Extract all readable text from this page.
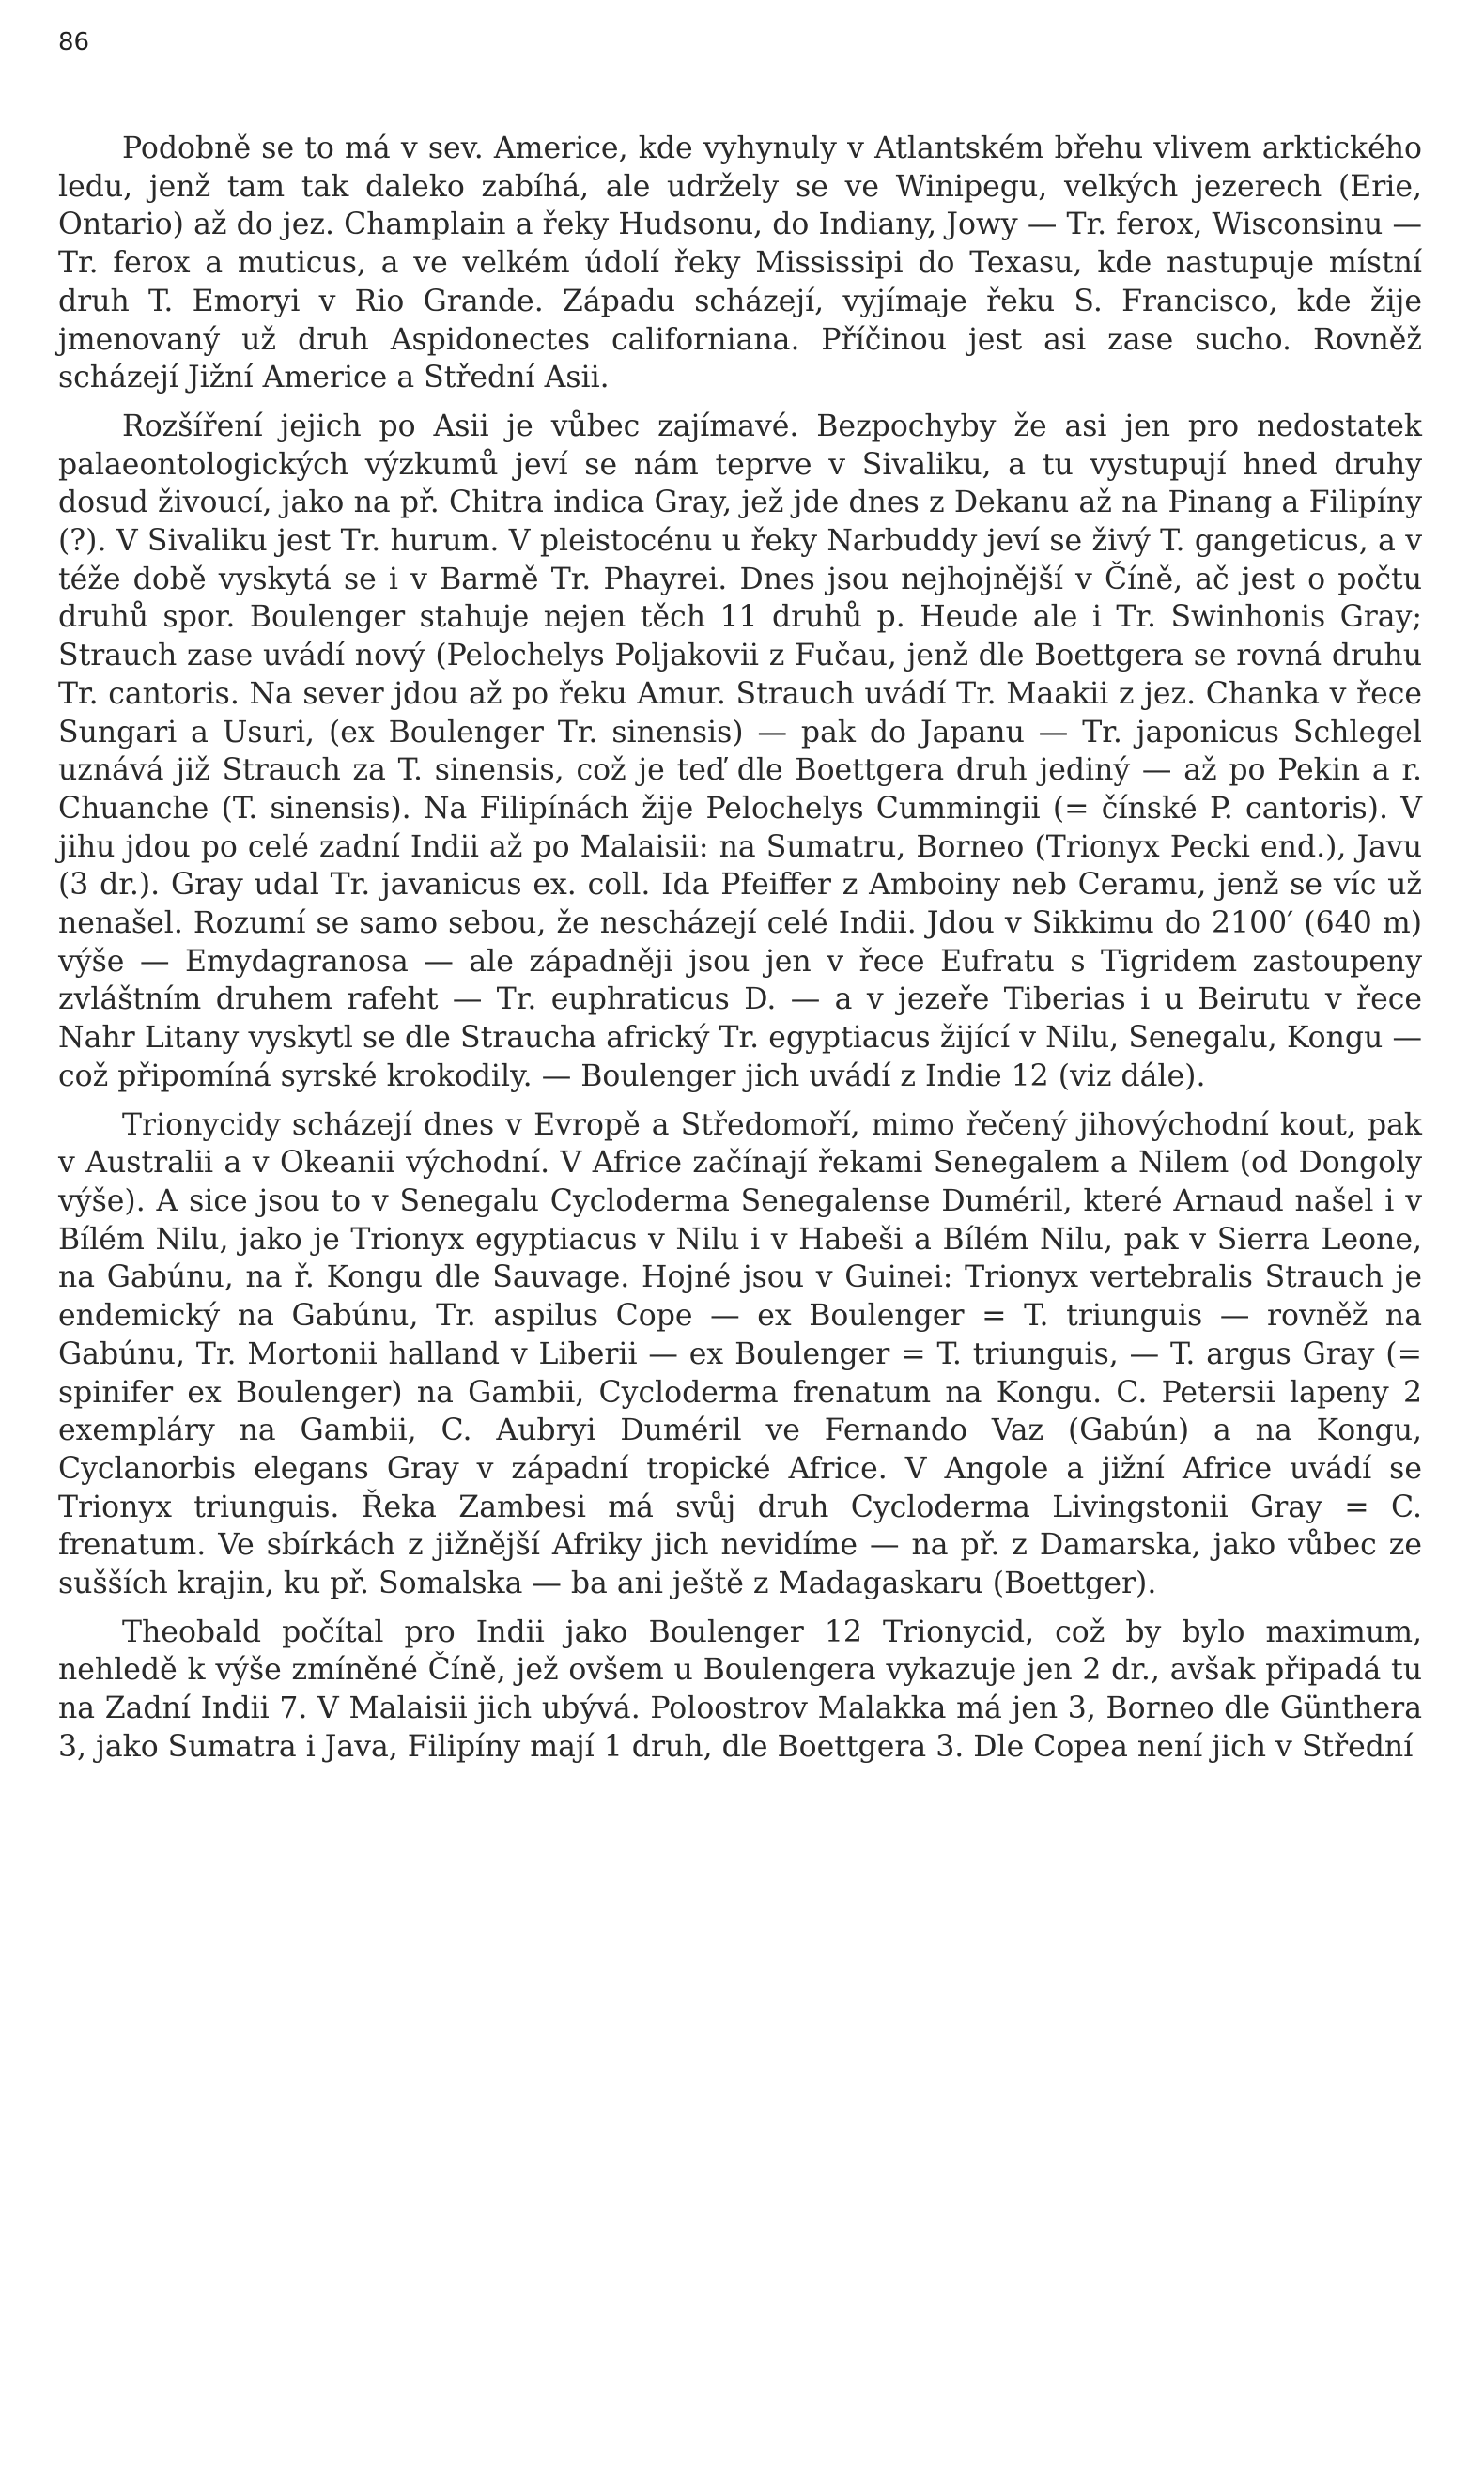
86

Podobně se to má v sev. Americe, kde vyhynuly v Atlantském břehu vlivem arktického ledu, jenž tam tak daleko zabíhá, ale udrželу se ve Winipegu, velkých jezerech (Erie, Ontario) až do jez. Champlain a řeky Hudsonu, do Indiany, Jowy — Tr. ferox, Wisconsinu — Tr. ferox a muticus, a ve velkém údolí řeky Mississipi do Texasu, kde nastupuje místní druh T. Emoryi v Rio Grande. Západu scházejí, vyjímaje řeku S. Francisco, kde žije jmenovaný už druh Aspidonectes californiana. Příčinou jest asi zase sucho. Rovněž scházejí Jižní Americe a Střední Asii.

Rozšíření jejich po Asii je vůbec zajímavé. Bezpochyby že asi jen pro nedostatek palaeontologických výzkumů jeví se nám teprve v Sivaliku, a tu vystupují hned druhy dosud živoucí, jako na př. Chitra indica Gray, jež jde dnes z Dekanu až na Pinang a Filipíny (?). V Sivaliku jest Tr. hurum. V pleistocénu u řeky Narbuddy jeví se živý T. gangeticus, a v téže době vyskytá se i v Barmě Tr. Phayrei. Dnes jsou nejhojnější v Číně, ač jest o počtu druhů spor. Boulenger stahuje nejen těch 11 druhů p. Heude ale i Tr. Swinhonis Gray; Strauch zase uvádí nový (Pelochelys Poljakovii z Fučau, jenž dle Boettgera se rovná druhu Tr. cantoris. Na sever jdou až po řeku Amur. Strauch uvádí Tr. Maakii z jez. Chanka v řece Sungari a Usuri, (ex Boulenger Tr. sinensis) — pak do Japanu — Tr. japonicus Schlegel uznává již Strauch za T. sinensis, což je teď dle Boettgera druh jediný — až po Pekin a r. Chuanche (T. sinensis). Na Filipínách žije Pelochelys Cummingii (= čínské P. cantoris). V jihu jdou po celé zadní Indii až po Malaisii: na Sumatru, Borneo (Trionyx Pecki end.), Javu (3 dr.). Gray udal Tr. javanicus ex. coll. Ida Pfeiffer z Amboiny neb Ceramu, jenž se víc už nenašel. Rozumí se samo sebou, že nescházejí celé Indii. Jdou v Sikkimu do 2100′ (640 m) výše — Emydagranosa — ale západněji jsou jen v řece Eufratu s Tigridem zastoupeny zvláštním druhem rafeht — Tr. euphraticus D. — a v jezeře Tiberias i u Beirutu v řece Nahr Litany vyskytl se dle Straucha africký Tr. egyptiacus žijící v Nilu, Senegalu, Kongu — což připomíná syrské krokodily. — Boulenger jich uvádí z Indie 12 (viz dále).

Trionycidy scházejí dnes v Evropě a Středomoří, mimo řečený jihovýchodní kout, pak v Australii a v Okeanii východní. V Africe začínají řekami Senegalem a Nilem (od Dongoly výše). A sice jsou to v Senegalu Cycloderma Senegalense Duméril, které Arnaud našel i v Bílém Nilu, jako je Trionyx egyptiacus v Nilu i v Habeši a Bílém Nilu, pak v Sierra Leone, na Gabúnu, na ř. Kongu dle Sauvage. Hojné jsou v Guinei: Trionyx vertebralis Strauch je endemický na Gabúnu, Tr. aspilus Cope — ex Boulenger = T. triunguis — rovněž na Gabúnu, Tr. Mortonii halland v Liberii — ex Boulenger = T. triunguis, — T. argus Gray (= spinifer ex Boulenger) na Gambii, Cycloderma frenatum na Kongu. C. Petersii lapeny 2 exempláry na Gambii, C. Aubryi Duméril ve Fernando Vaz (Gabún) a na Kongu, Cyclanorbis elegans Gray v západní tropické Africe. V Angole a jižní Africe uvádí se Trionyx triunguis. Řeka Zambesi má svůj druh Cycloderma Livingstonii Gray = C. frenatum. Ve sbírkách z jižnější Afriky jich nevidíme — na př. z Damarska, jako vůbec ze sušších krajin, ku př. Somalska — ba ani ještě z Madagaskaru (Boettger).

Theobald počítal pro Indii jako Boulenger 12 Trionycid, což by bylo maximum, nehledě k výše zmíněné Číně, jež ovšem u Boulengera vykazuje jen 2 dr., avšak připadá tu na Zadní Indii 7. V Malaisii jich ubývá. Poloostrov Malakka má jen 3, Borneo dle Günthera 3, jako Sumatra i Java, Filipíny mají 1 druh, dle Boettgera 3. Dle Copea není jich v Střední
